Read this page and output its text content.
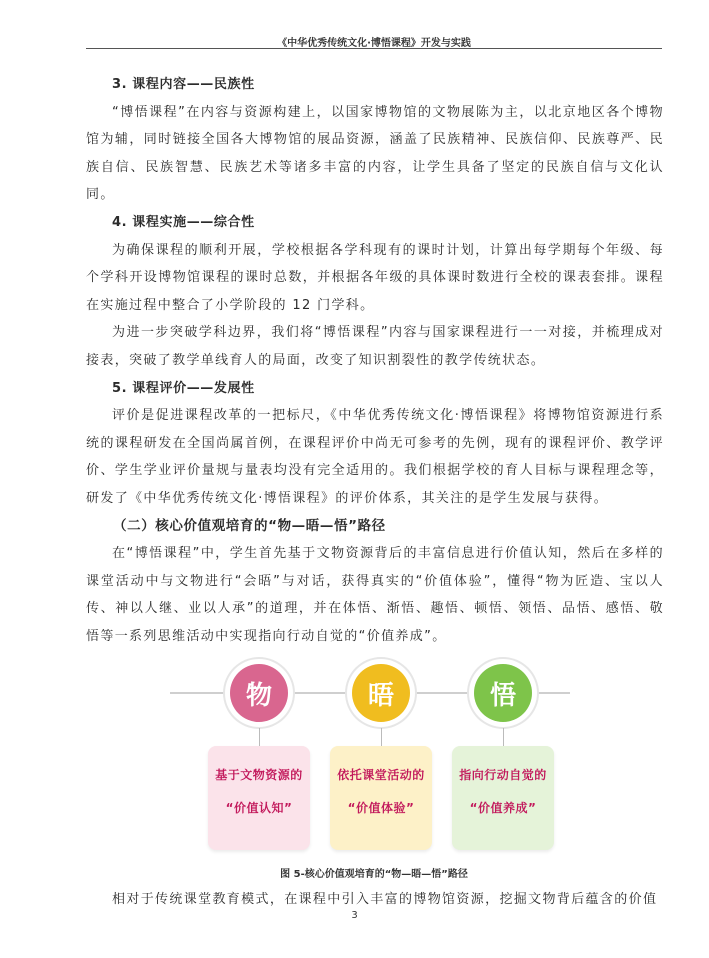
《中华优秀传统文化·博悟课程》开发与实践
3. 课程内容——民族性

“博悟课程”在内容与资源构建上，以国家博物馆的文物展陈为主，以北京地区各个博物馆为辅，同时链接全国各大博物馆的展品资源，涵盖了民族精神、民族信仰、民族尊严、民族自信、民族智慧、民族艺术等诸多丰富的内容，让学生具备了坚定的民族自信与文化认同。

4. 课程实施——综合性

为确保课程的顺利开展，学校根据各学科现有的课时计划，计算出每学期每个年级、每个学科开设博物馆课程的课时总数，并根据各年级的具体课时数进行全校的课表套排。课程在实施过程中整合了小学阶段的 12 门学科。

为进一步突破学科边界，我们将“博悟课程”内容与国家课程进行一一对接，并梳理成对接表，突破了教学单线育人的局面，改变了知识割裂性的教学传统状态。

5. 课程评价——发展性

评价是促进课程改革的一把标尺，《中华优秀传统文化·博悟课程》将博物馆资源进行系统的课程研发在全国尚属首例，在课程评价中尚无可参考的先例，现有的课程评价、教学评价、学生学业评价量规与量表均没有完全适用的。我们根据学校的育人目标与课程理念等，研发了《中华优秀传统文化·博悟课程》的评价体系，其关注的是学生发展与获得。

（二）核心价值观培育的“物—晤—悟”路径

在“博悟课程”中，学生首先基于文物资源背后的丰富信息进行价值认知，然后在多样的课堂活动中与文物进行“会晤”与对话，获得真实的“价值体验”，懂得“物为匠造、宝以人传、神以人继、业以人承”的道理，并在体悟、渐悟、趣悟、顿悟、领悟、品悟、感悟、敬悟等一系列思维活动中实现指向行动自觉的“价值养成”。

物	晤	悟
基于文物资源的
“价值认知”
依托课堂活动的
“价值体验”
指向行动自觉的
“价值养成”
图 5-核心价值观培育的“物—晤—悟”路径

相对于传统课堂教育模式，在课程中引入丰富的博物馆资源，挖掘文物背后蕴含的价值

3
